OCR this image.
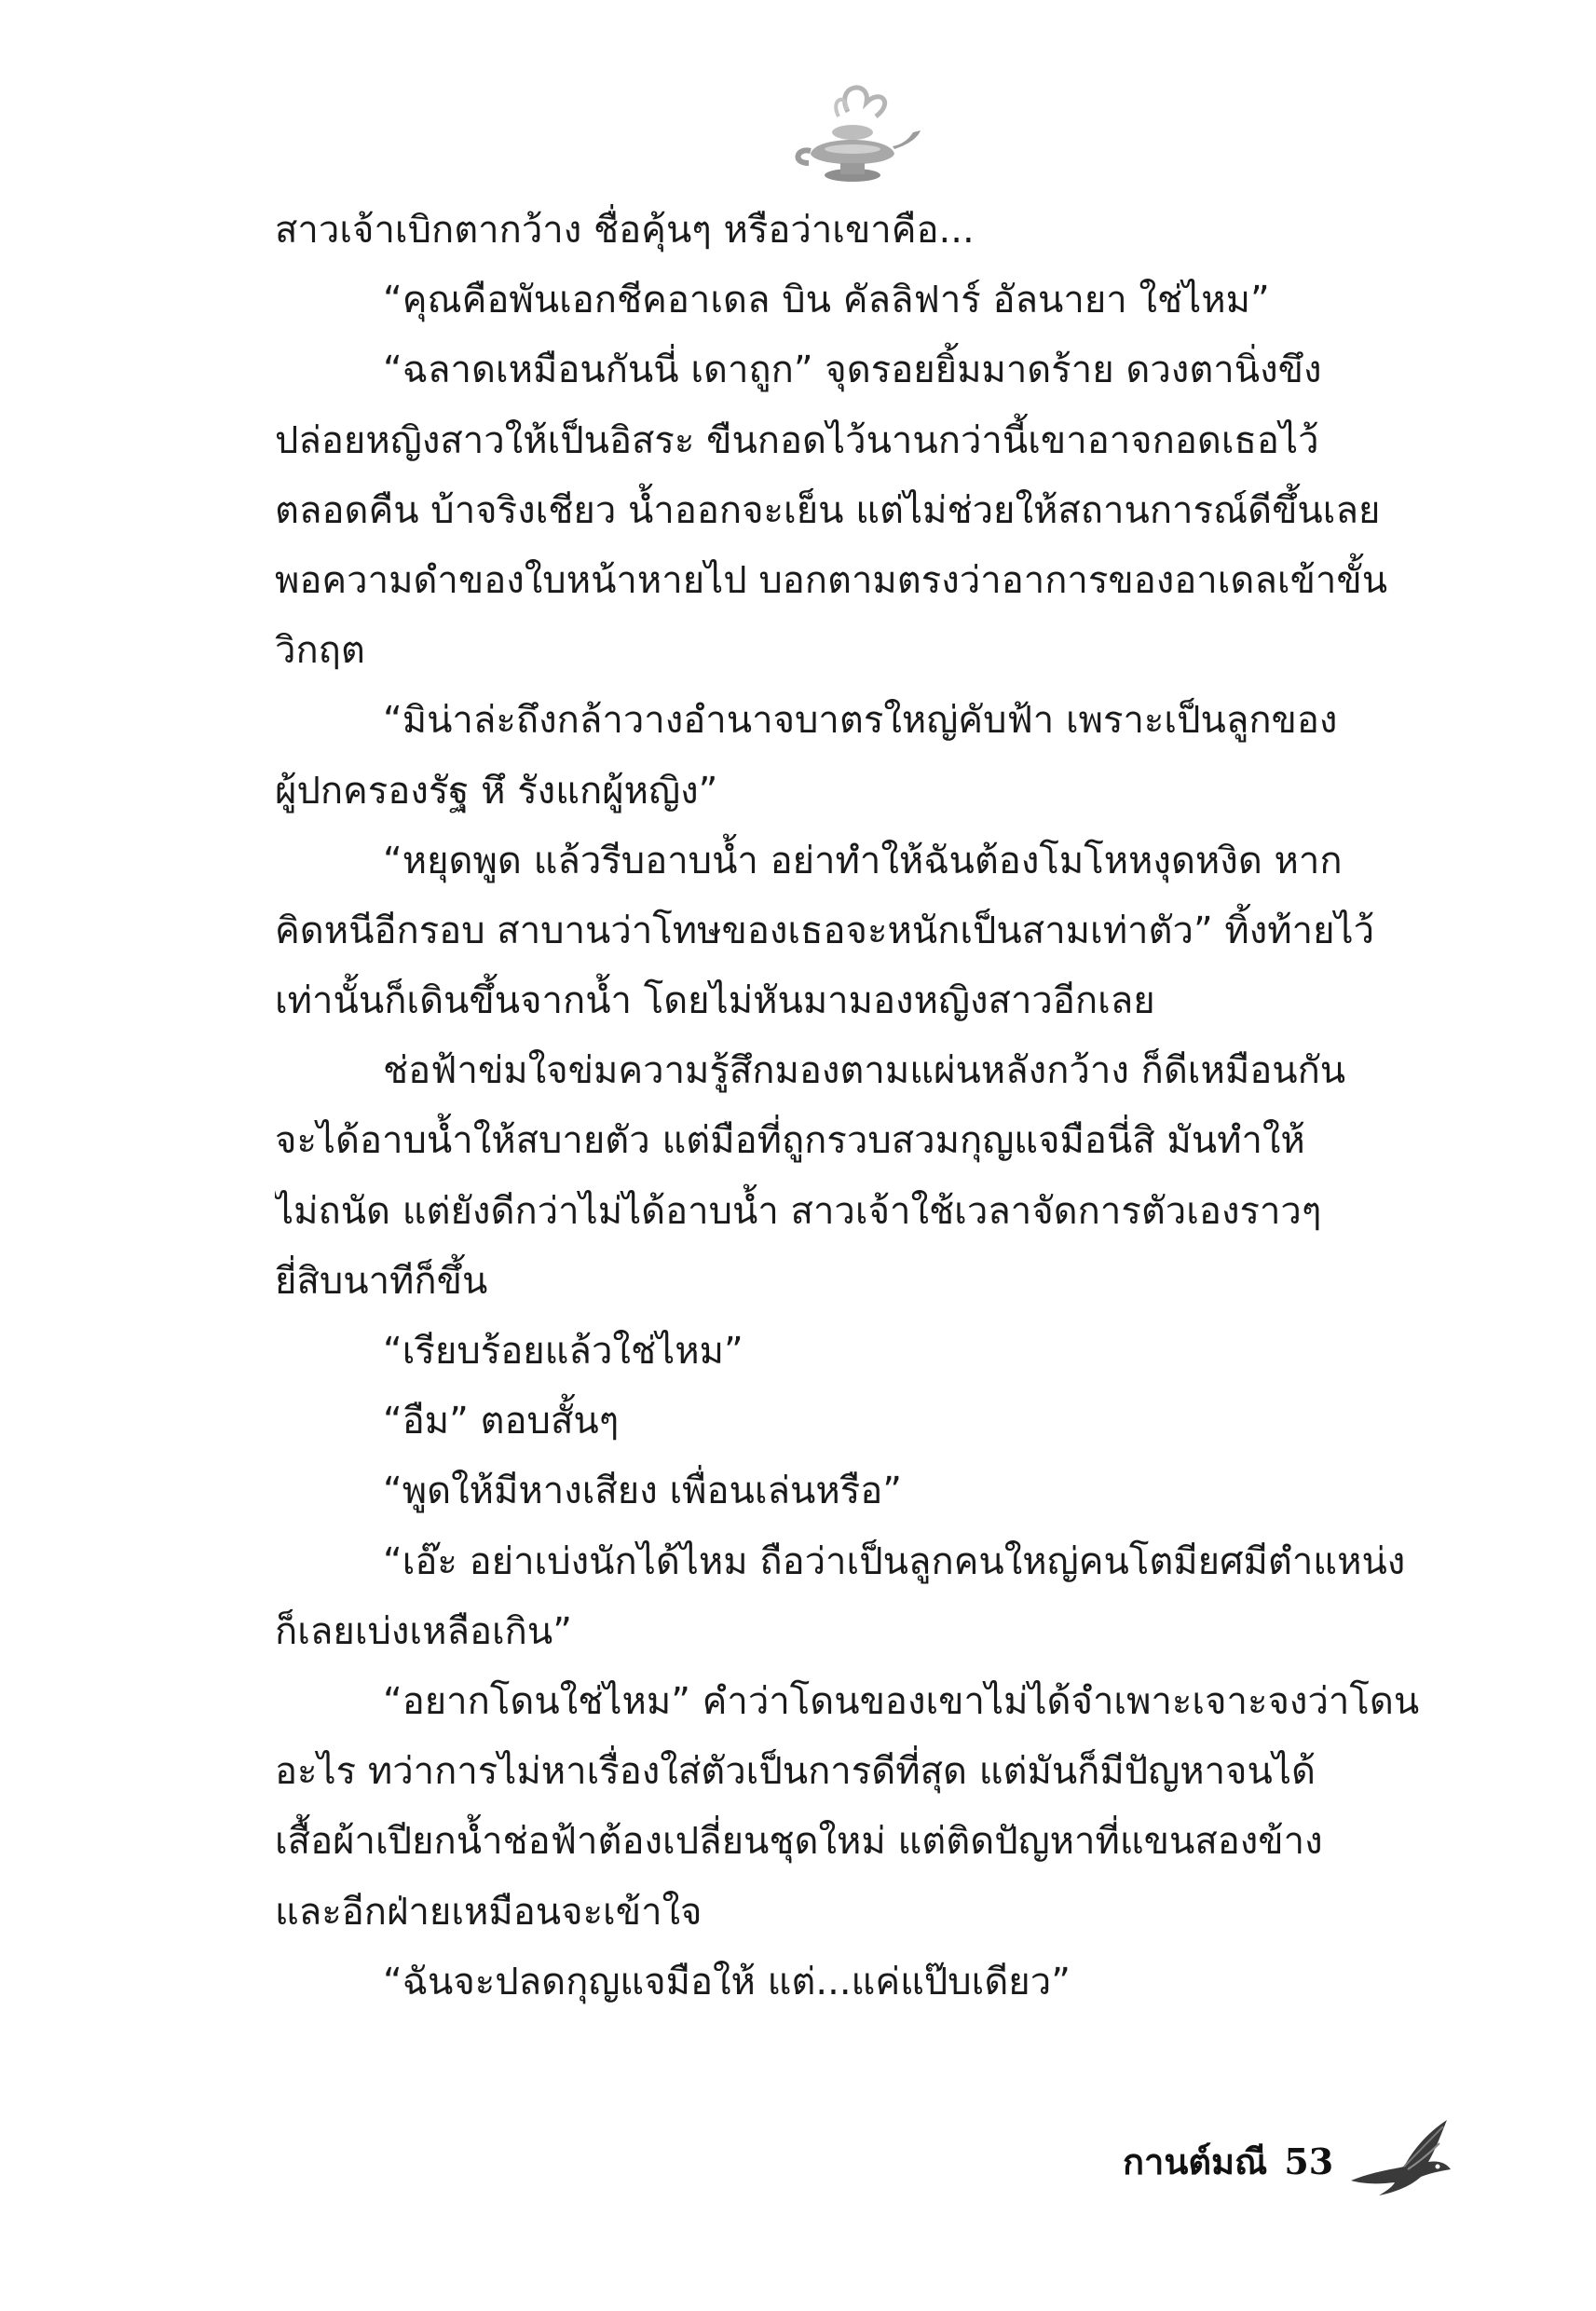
สาวเจ้าเบิกตากว้าง ชื่อคุ้นๆ หรือว่าเขาคือ...
“คุณคือพันเอกชีคอาเดล บิน คัลลิฟาร์ อัลนายา ใช่ไหม”
“ฉลาดเหมือนกันนี่ เดาถูก” จุดรอยยิ้มมาดร้าย ดวงตานิ่งขึง
ปล่อยหญิงสาวให้เป็นอิสระ ขืนกอดไว้นานกว่านี้เขาอาจกอดเธอไว้
ตลอดคืน บ้าจริงเชียว น้ำออกจะเย็น แต่ไม่ช่วยให้สถานการณ์ดีขึ้นเลย
พอความดำของใบหน้าหายไป บอกตามตรงว่าอาการของอาเดลเข้าขั้น
วิกฤต
“มิน่าล่ะถึงกล้าวางอำนาจบาตรใหญ่คับฟ้า เพราะเป็นลูกของ
ผู้ปกครองรัฐ หึ รังแกผู้หญิง”
“หยุดพูด แล้วรีบอาบน้ำ อย่าทำให้ฉันต้องโมโหหงุดหงิด หาก
คิดหนีอีกรอบ สาบานว่าโทษของเธอจะหนักเป็นสามเท่าตัว” ทิ้งท้ายไว้
เท่านั้นก็เดินขึ้นจากน้ำ โดยไม่หันมามองหญิงสาวอีกเลย
ช่อฟ้าข่มใจข่มความรู้สึกมองตามแผ่นหลังกว้าง ก็ดีเหมือนกัน
จะได้อาบน้ำให้สบายตัว แต่มือที่ถูกรวบสวมกุญแจมือนี่สิ มันทำให้
ไม่ถนัด แต่ยังดีกว่าไม่ได้อาบน้ำ สาวเจ้าใช้เวลาจัดการตัวเองราวๆ
ยี่สิบนาทีก็ขึ้น
“เรียบร้อยแล้วใช่ไหม”
“อืม” ตอบสั้นๆ
“พูดให้มีหางเสียง เพื่อนเล่นหรือ”
“เอ๊ะ อย่าเบ่งนักได้ไหม ถือว่าเป็นลูกคนใหญ่คนโตมียศมีตำแหน่ง
ก็เลยเบ่งเหลือเกิน”
“อยากโดนใช่ไหม” คำว่าโดนของเขาไม่ได้จำเพาะเจาะจงว่าโดน
อะไร ทว่าการไม่หาเรื่องใส่ตัวเป็นการดีที่สุด แต่มันก็มีปัญหาจนได้
เสื้อผ้าเปียกน้ำช่อฟ้าต้องเปลี่ยนชุดใหม่ แต่ติดปัญหาที่แขนสองข้าง
และอีกฝ่ายเหมือนจะเข้าใจ
“ฉันจะปลดกุญแจมือให้ แต่...แค่แป๊บเดียว”
กานต์มณี 53
